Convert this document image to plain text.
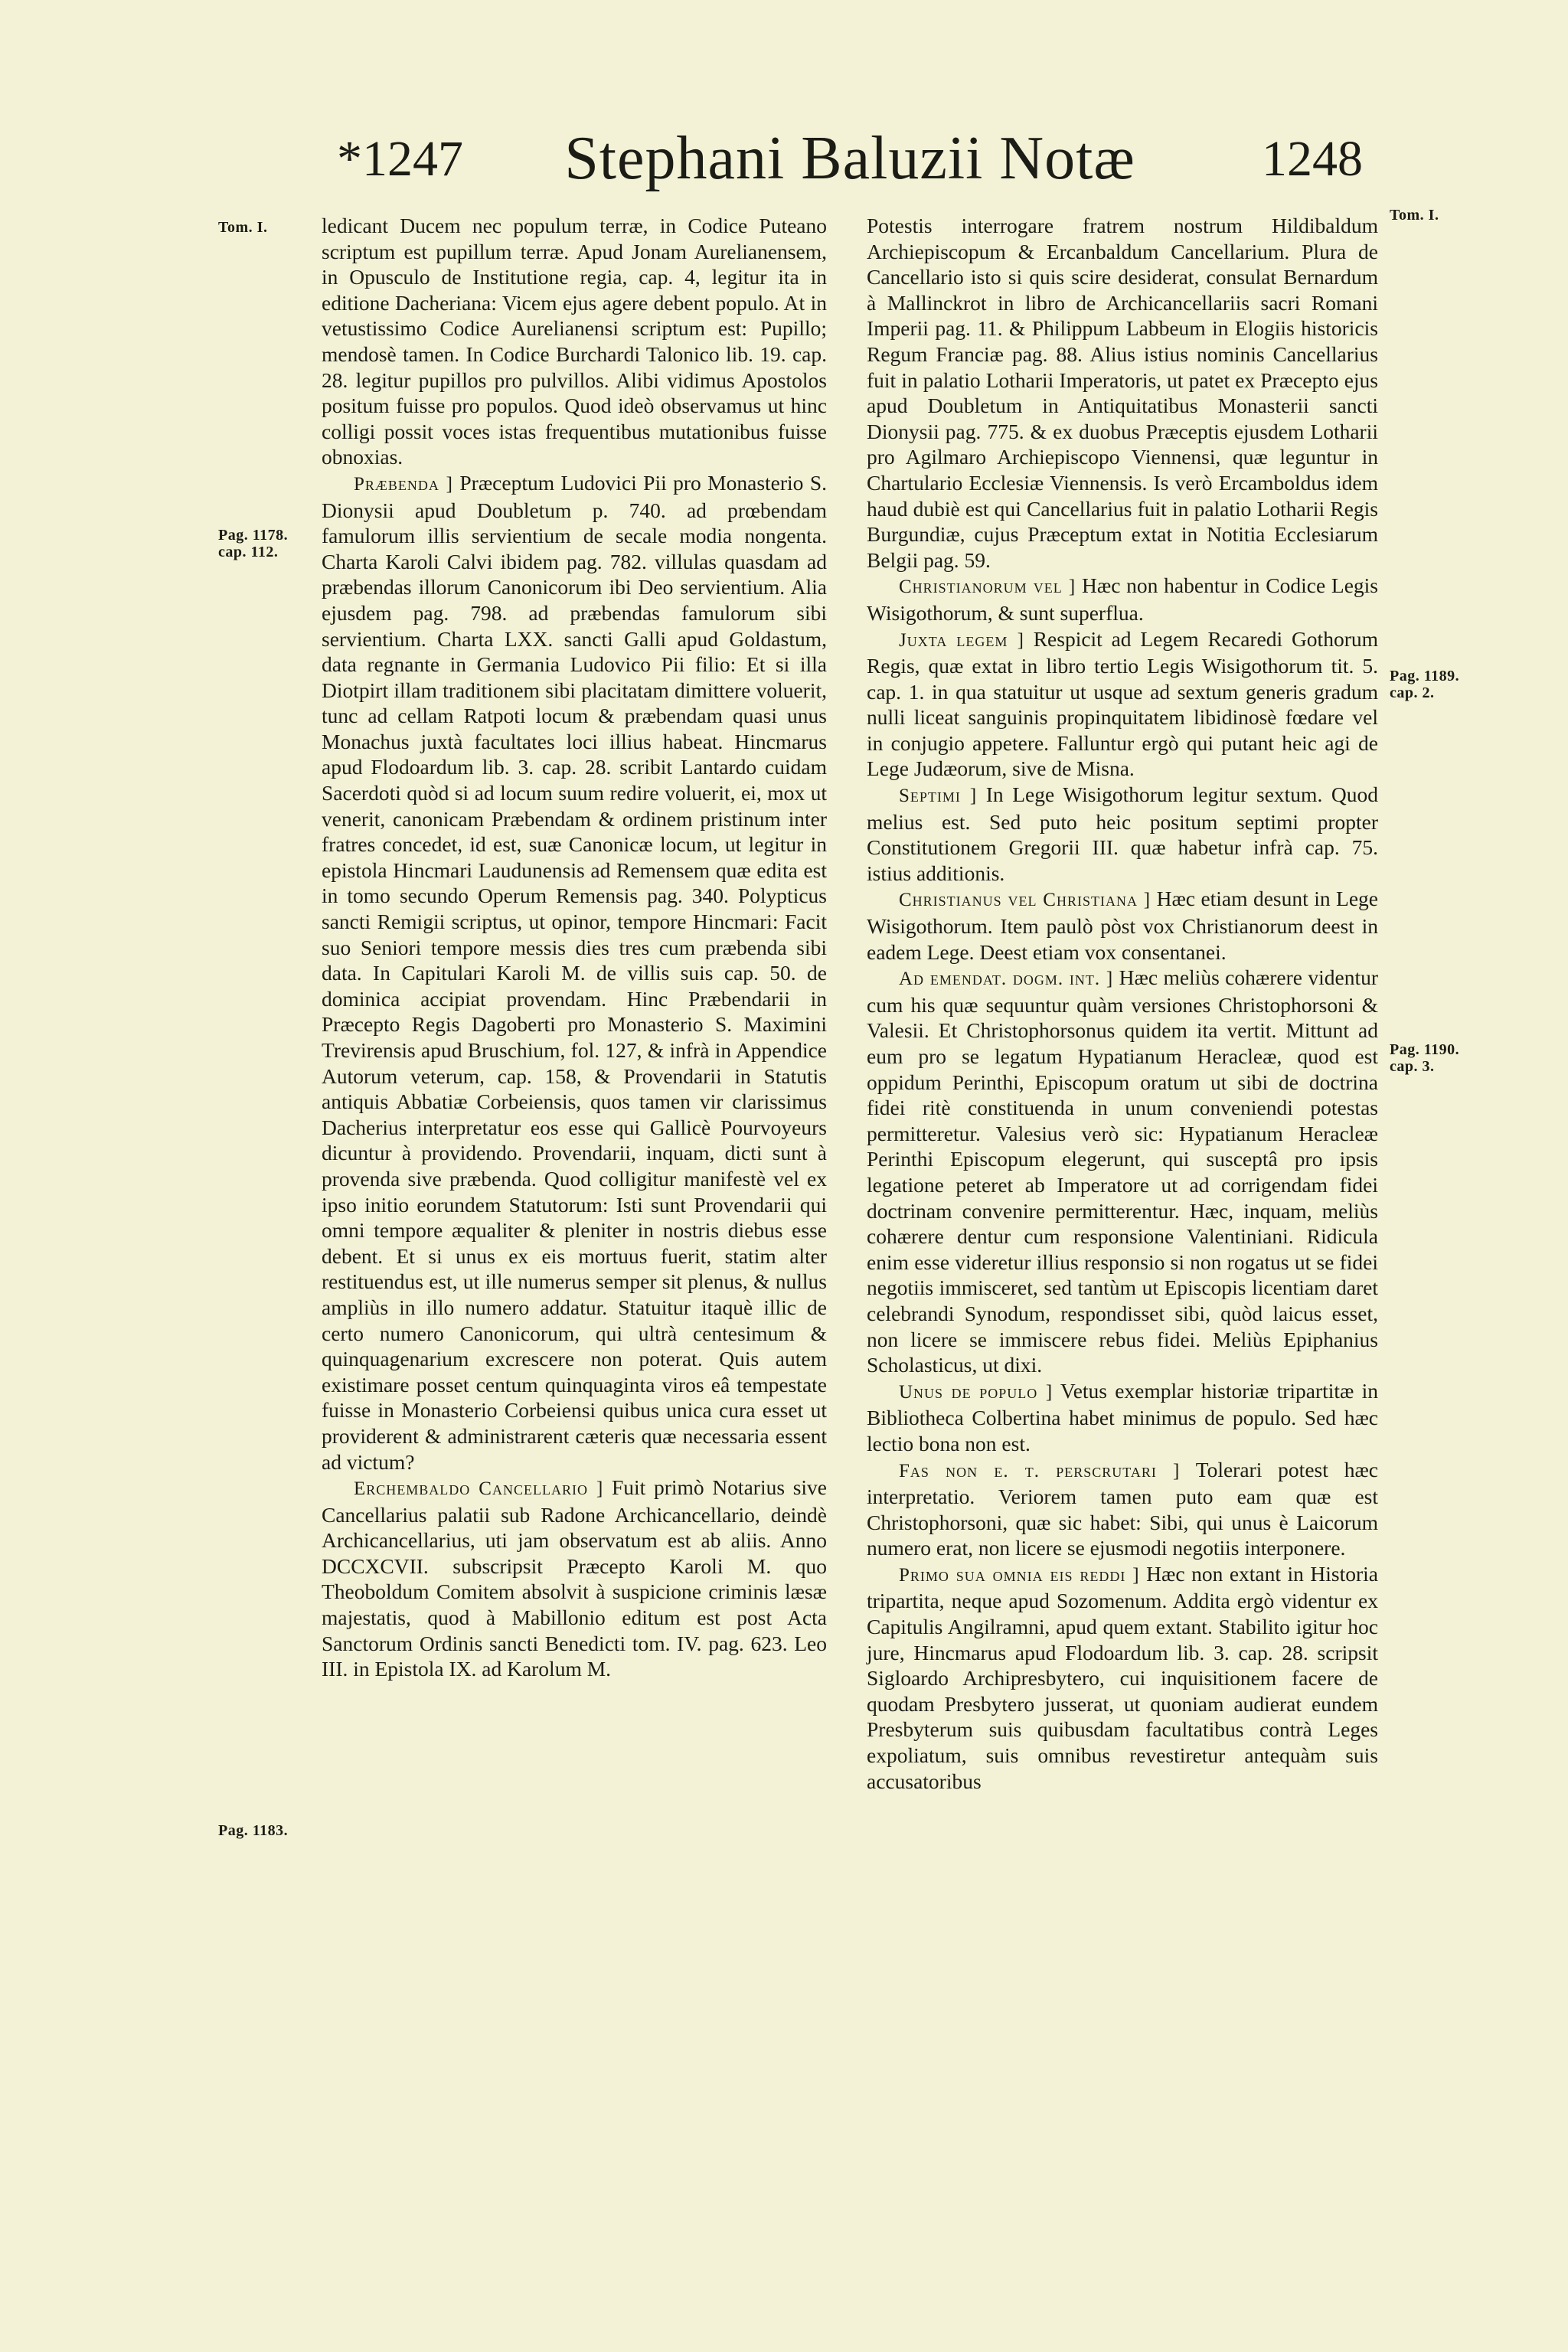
*1247	Stephani Baluzii Notæ	1248
Tom. I.
Pag. 1178. cap. 112.
Pag. 1183.
Tom. I.
Pag. 1189. cap. 2.
Pag. 1190. cap. 3.

ledicant Ducem nec populum terræ, in Codice Puteano scriptum est pupillum terræ. Apud Jonam Aurelianensem, in Opusculo de Institutione regia, cap. 4, legitur ita in editione Dacheriana: Vicem ejus agere debent populo. At in vetustissimo Codice Aurelianensi scriptum est: Pupillo; mendosè tamen. In Codice Burchardi Talonico lib. 19. cap. 28. legitur pupillos pro pulvillos. Alibi vidimus Apostolos positum fuisse pro populos. Quod ideò observamus ut hinc colligi possit voces istas frequentibus mutationibus fuisse obnoxias.

Præbenda ] Præceptum Ludovici Pii pro Monasterio S. Dionysii apud Doubletum p. 740. ad prœbendam famulorum illis servientium de secale modia nongenta. Charta Karoli Calvi ibidem pag. 782. villulas quasdam ad præbendas illorum Canonicorum ibi Deo servientium. Alia ejusdem pag. 798. ad præbendas famulorum sibi servientium. Charta LXX. sancti Galli apud Goldastum, data regnante in Germania Ludovico Pii filio: Et si illa Diotpirt illam traditionem sibi placitatam dimittere voluerit, tunc ad cellam Ratpoti locum & præbendam quasi unus Monachus juxtà facultates loci illius habeat. Hincmarus apud Flodoardum lib. 3. cap. 28. scribit Lantardo cuidam Sacerdoti quòd si ad locum suum redire voluerit, ei, mox ut venerit, canonicam Præbendam & ordinem pristinum inter fratres concedet, id est, suæ Canonicæ locum, ut legitur in epistola Hincmari Laudunensis ad Remensem quæ edita est in tomo secundo Operum Remensis pag. 340. Polypticus sancti Remigii scriptus, ut opinor, tempore Hincmari: Facit suo Seniori tempore messis dies tres cum præbenda sibi data. In Capitulari Karoli M. de villis suis cap. 50. de dominica accipiat provendam. Hinc Præbendarii in Præcepto Regis Dagoberti pro Monasterio S. Maximini Trevirensis apud Bruschium, fol. 127, & infrà in Appendice Autorum veterum, cap. 158, & Provendarii in Statutis antiquis Abbatiæ Corbeiensis, quos tamen vir clarissimus Dacherius interpretatur eos esse qui Gallicè Pourvoyeurs dicuntur à providendo. Provendarii, inquam, dicti sunt à provenda sive præbenda. Quod colligitur manifestè vel ex ipso initio eorundem Statutorum: Isti sunt Provendarii qui omni tempore æqualiter & pleniter in nostris diebus esse debent. Et si unus ex eis mortuus fuerit, statim alter restituendus est, ut ille numerus semper sit plenus, & nullus ampliùs in illo numero addatur. Statuitur itaquè illic de certo numero Canonicorum, qui ultrà centesimum & quinquagenarium excrescere non poterat. Quis autem existimare posset centum quinquaginta viros eâ tempestate fuisse in Monasterio Corbeiensi quibus unica cura esset ut providerent & administrarent cæteris quæ necessaria essent ad victum?

Erchembaldo Cancellario ] Fuit primò Notarius sive Cancellarius palatii sub Radone Archicancellario, deindè Archicancellarius, uti jam observatum est ab aliis. Anno DCCXCVII. subscripsit Præcepto Karoli M. quo Theoboldum Comitem absolvit à suspicione criminis læsæ majestatis, quod à Mabillonio editum est post Acta Sanctorum Ordinis sancti Benedicti tom. IV. pag. 623. Leo III. in Epistola IX. ad Karolum M.

Potestis interrogare fratrem nostrum Hildibaldum Archiepiscopum & Ercanbaldum Cancellarium. Plura de Cancellario isto si quis scire desiderat, consulat Bernardum à Mallinckrot in libro de Archicancellariis sacri Romani Imperii pag. 11. & Philippum Labbeum in Elogiis historicis Regum Franciæ pag. 88. Alius istius nominis Cancellarius fuit in palatio Lotharii Imperatoris, ut patet ex Præcepto ejus apud Doubletum in Antiquitatibus Monasterii sancti Dionysii pag. 775. & ex duobus Præceptis ejusdem Lotharii pro Agilmaro Archiepiscopo Viennensi, quæ leguntur in Chartulario Ecclesiæ Viennensis. Is verò Ercamboldus idem haud dubiè est qui Cancellarius fuit in palatio Lotharii Regis Burgundiæ, cujus Præceptum extat in Notitia Ecclesiarum Belgii pag. 59.

Christianorum vel ] Hæc non habentur in Codice Legis Wisigothorum, & sunt superflua.

Juxta legem ] Respicit ad Legem Recaredi Gothorum Regis, quæ extat in libro tertio Legis Wisigothorum tit. 5. cap. 1. in qua statuitur ut usque ad sextum generis gradum nulli liceat sanguinis propinquitatem libidinosè fœdare vel in conjugio appetere. Falluntur ergò qui putant heic agi de Lege Judæorum, sive de Misna.

Septimi ] In Lege Wisigothorum legitur sextum. Quod melius est. Sed puto heic positum septimi propter Constitutionem Gregorii III. quæ habetur infrà cap. 75. istius additionis.

Christianus vel Christiana ] Hæc etiam desunt in Lege Wisigothorum. Item paulò pòst vox Christianorum deest in eadem Lege. Deest etiam vox consentanei.

Ad emendat. dogm. int. ] Hæc meliùs cohærere videntur cum his quæ sequuntur quàm versiones Christophorsoni & Valesii. Et Christophorsonus quidem ita vertit. Mittunt ad eum pro se legatum Hypatianum Heracleæ, quod est oppidum Perinthi, Episcopum oratum ut sibi de doctrina fidei ritè constituenda in unum conveniendi potestas permitteretur. Valesius verò sic: Hypatianum Heracleæ Perinthi Episcopum elegerunt, qui susceptâ pro ipsis legatione peteret ab Imperatore ut ad corrigendam fidei doctrinam convenire permitterentur. Hæc, inquam, meliùs cohærere dentur cum responsione Valentiniani. Ridicula enim esse videretur illius responsio si non rogatus ut se fidei negotiis immisceret, sed tantùm ut Episcopis licentiam daret celebrandi Synodum, respondisset sibi, quòd laicus esset, non licere se immiscere rebus fidei. Meliùs Epiphanius Scholasticus, ut dixi.

Unus de populo ] Vetus exemplar historiæ tripartitæ in Bibliotheca Colbertina habet minimus de populo. Sed hæc lectio bona non est.

Fas non e. t. perscrutari ] Tolerari potest hæc interpretatio. Veriorem tamen puto eam quæ est Christophorsoni, quæ sic habet: Sibi, qui unus è Laicorum numero erat, non licere se ejusmodi negotiis interponere.

Primo sua omnia eis reddi ] Hæc non extant in Historia tripartita, neque apud Sozomenum. Addita ergò videntur ex Capitulis Angilramni, apud quem extant. Stabilito igitur hoc jure, Hincmarus apud Flodoardum lib. 3. cap. 28. scripsit Sigloardo Archipresbytero, cui inquisitionem facere de quodam Presbytero jusserat, ut quoniam audierat eundem Presbyterum suis quibusdam facultatibus contrà Leges expoliatum, suis omnibus revestiretur antequàm suis accusatoribus
